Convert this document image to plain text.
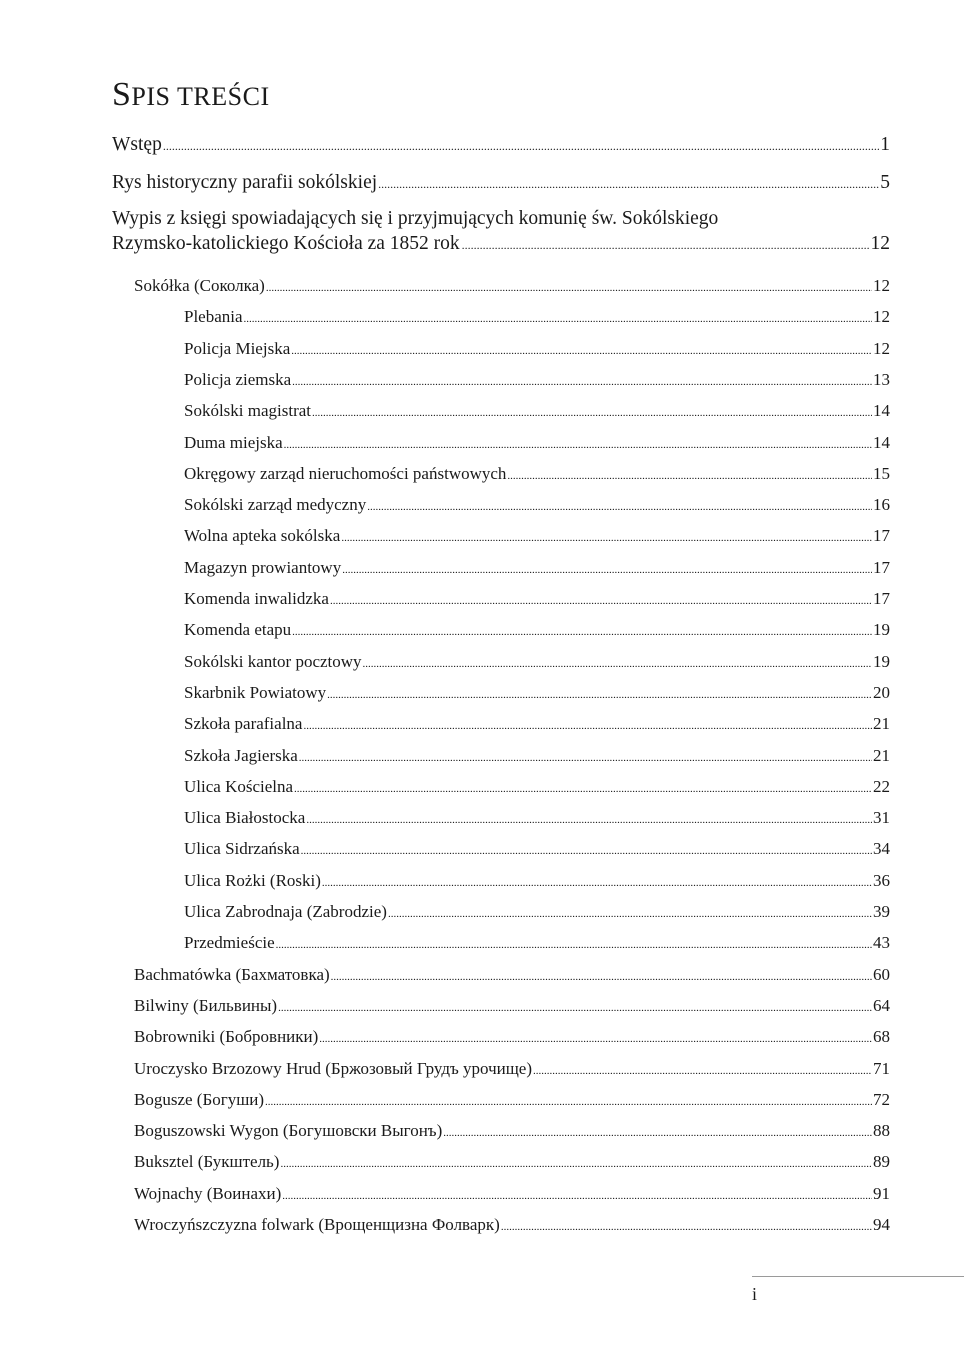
SPIS TREŚCI
Wstęp .....	1
Rys historyczny parafii sokólskiej .....	5
Wypis z księgi spowiadających się i przyjmujących komunię św. Sokólskiego
Rzymsko-katolickiego Kościoła za 1852 rok .....	12
Sokółka (Соколка) .....	12
Plebania .....	12
Policja Miejska .....	12
Policja ziemska .....	13
Sokólski magistrat .....	14
Duma miejska .....	14
Okręgowy zarząd nieruchomości państwowych .....	15
Sokólski zarząd medyczny .....	16
Wolna apteka sokólska .....	17
Magazyn prowiantowy .....	17
Komenda inwalidzka .....	17
Komenda etapu .....	19
Sokólski kantor pocztowy .....	19
Skarbnik Powiatowy .....	20
Szkoła parafialna .....	21
Szkoła Jagierska .....	21
Ulica Kościelna .....	22
Ulica Białostocka .....	31
Ulica Sidrzańska .....	34
Ulica Rożki (Roski) .....	36
Ulica Zabrodnaja (Zabrodzie) .....	39
Przedmieście .....	43
Bachmatówka (Бахматовка) .....	60
Bilwiny (Бильвины) .....	64
Bobrowniki (Бобровники) .....	68
Uroczysko Brzozowy Hrud (Бржозовый Грудъ урочище) .....	71
Bogusze (Богуши) .....	72
Boguszowski Wygon (Богушовски Выгонъ) .....	88
Buksztel (Букштель) .....	89
Wojnachy (Воинахи) .....	91
Wroczyńszczyzna folwark (Врощенщизна Фолварк) .....	94
i
